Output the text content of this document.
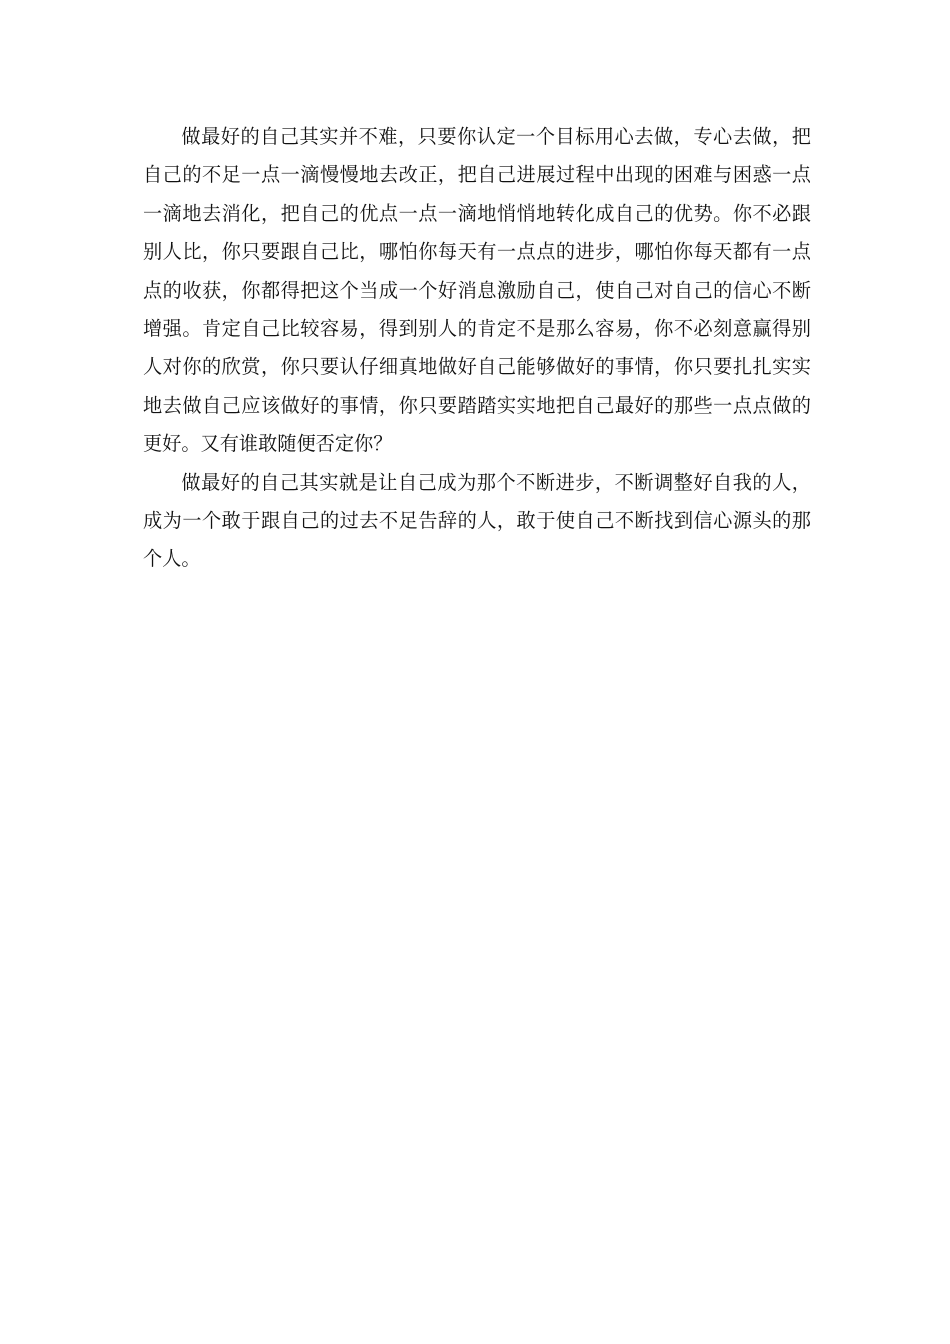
做最好的自己其实并不难，只要你认定一个目标用心去做，专心去做，把自己的不足一点一滴慢慢地去改正，把自己进展过程中出现的困难与困惑一点一滴地去消化，把自己的优点一点一滴地悄悄地转化成自己的优势。你不必跟别人比，你只要跟自己比，哪怕你每天有一点点的进步，哪怕你每天都有一点点的收获，你都得把这个当成一个好消息激励自己，使自己对自己的信心不断增强。肯定自己比较容易，得到别人的肯定不是那么容易，你不必刻意赢得别人对你的欣赏，你只要认仔细真地做好自己能够做好的事情，你只要扎扎实实地去做自己应该做好的事情，你只要踏踏实实地把自己最好的那些一点点做的更好。又有谁敢随便否定你？

做最好的自己其实就是让自己成为那个不断进步，不断调整好自我的人，成为一个敢于跟自己的过去不足告辞的人，敢于使自己不断找到信心源头的那个人。
